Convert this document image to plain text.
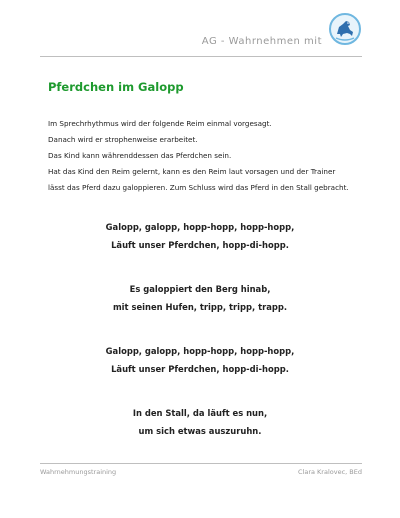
AG - Wahrnehmen mit
Pferdchen im Galopp

Im Sprechrhythmus wird der folgende Reim einmal vorgesagt.

Danach wird er strophenweise erarbeitet.

Das Kind kann währenddessen das Pferdchen sein.

Hat das Kind den Reim gelernt, kann es den Reim laut vorsagen und der Trainer

lässt das Pferd dazu galoppieren. Zum Schluss wird das Pferd in den Stall gebracht.

Galopp, galopp, hopp-hopp, hopp-hopp,

Läuft unser Pferdchen, hopp-di-hopp.

Es galoppiert den Berg hinab,

mit seinen Hufen, tripp, tripp, trapp.

Galopp, galopp, hopp-hopp, hopp-hopp,

Läuft unser Pferdchen, hopp-di-hopp.

In den Stall, da läuft es nun,

um sich etwas auszuruhn.

Wahrnehmungstraining	Clara Kralovec, BEd
